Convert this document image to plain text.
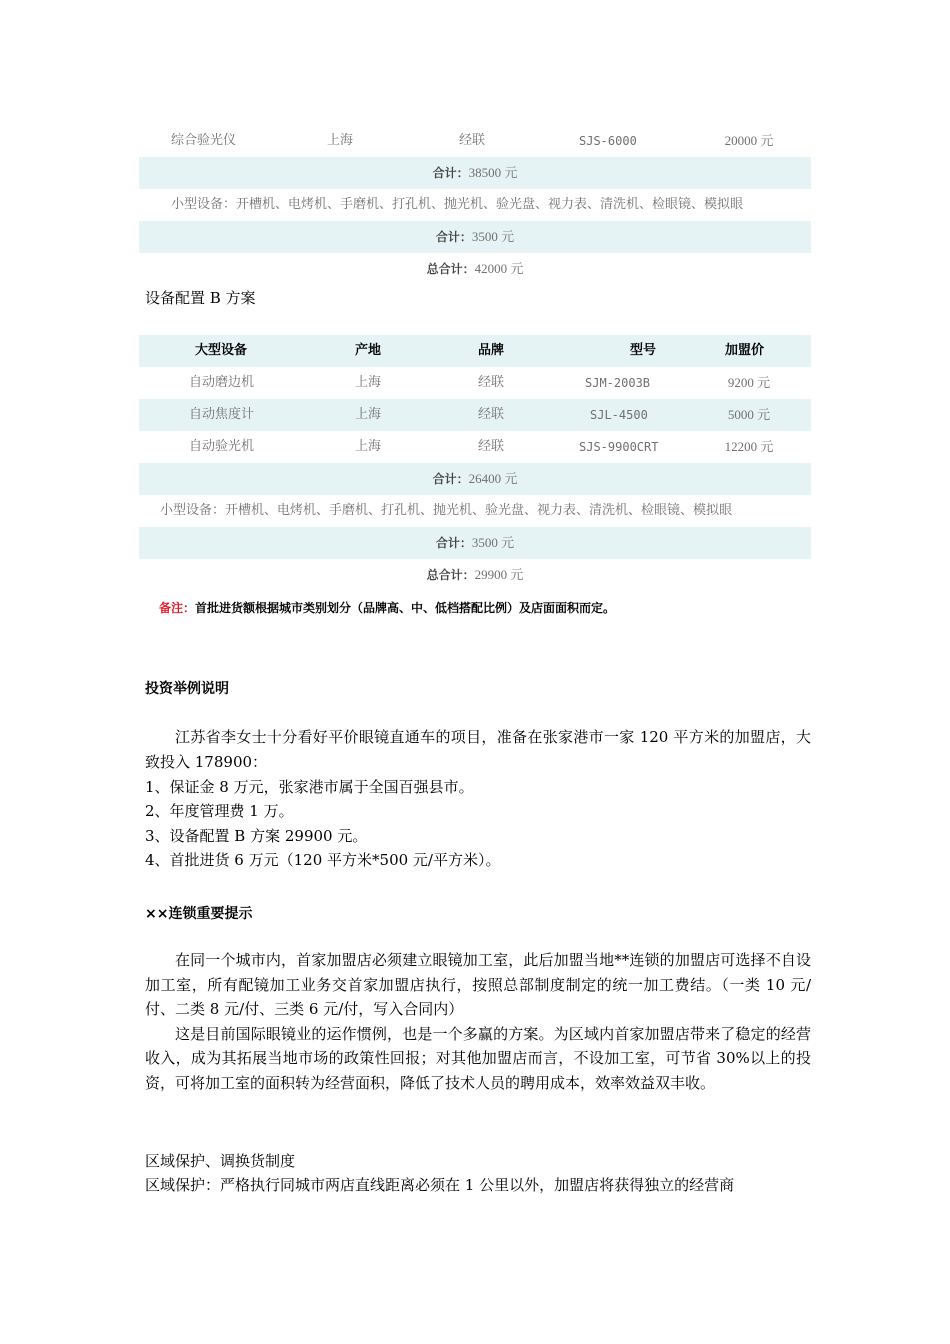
综合验光仪	上海	经联	SJS-6000	20000 元
合计：38500 元
小型设备：开槽机、电烤机、手磨机、打孔机、抛光机、验光盘、视力表、清洗机、检眼镜、模拟眼
合计：3500 元
总合计：42000 元
设备配置 B 方案
大型设备	产地	品牌	型号	加盟价
自动磨边机	上海	经联	SJM-2003B	9200 元
自动焦度计	上海	经联	SJL-4500	5000 元
自动验光机	上海	经联	SJS-9900CRT	12200 元
合计：26400 元
小型设备：开槽机、电烤机、手磨机、打孔机、抛光机、验光盘、视力表、清洗机、检眼镜、模拟眼
合计：3500 元
总合计：29900 元
备注：首批进货额根据城市类别划分（品牌高、中、低档搭配比例）及店面面积而定。
投资举例说明

江苏省李女士十分看好平价眼镜直通车的项目，准备在张家港市一家 120 平方米的加盟店，大致投入 178900：

1、保证金 8 万元，张家港市属于全国百强县市。
2、年度管理费 1 万。
3、设备配置 B 方案 29900 元。
4、首批进货 6 万元（120 平方米*500 元/平方米）。
××连锁重要提示

在同一个城市内，首家加盟店必须建立眼镜加工室，此后加盟当地**连锁的加盟店可选择不自设加工室，所有配镜加工业务交首家加盟店执行，按照总部制度制定的统一加工费结。（一类 10 元/付、二类 8 元/付、三类 6 元/付，写入合同内）

这是目前国际眼镜业的运作惯例，也是一个多赢的方案。为区域内首家加盟店带来了稳定的经营收入，成为其拓展当地市场的政策性回报；对其他加盟店而言，不设加工室，可节省 30%以上的投资，可将加工室的面积转为经营面积，降低了技术人员的聘用成本，效率效益双丰收。

区域保护、调换货制度
区域保护：严格执行同城市两店直线距离必须在 1 公里以外，加盟店将获得独立的经营商
